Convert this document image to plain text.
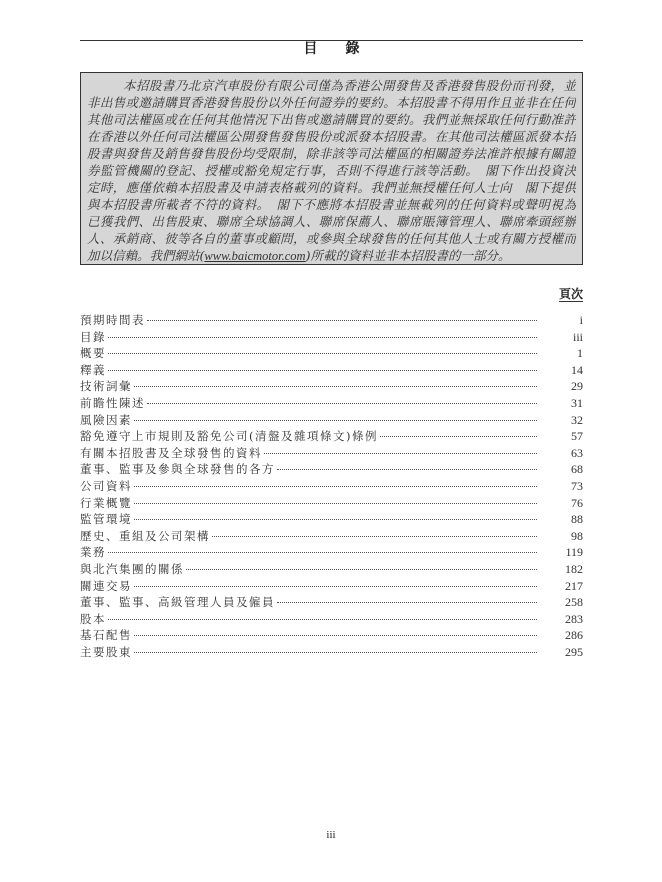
目錄
本招股書乃北京汽車股份有限公司僅為香港公開發售及香港發售股份而刊發，並
非出售或邀請購買香港發售股份以外任何證券的要約。本招股書不得用作且並非在任何
其他司法權區或在任何其他情況下出售或邀請購買的要約。我們並無採取任何行動准許
在香港以外任何司法權區公開發售發售股份或派發本招股書。在其他司法權區派發本招
股書與發售及銷售發售股份均受限制，除非該等司法權區的相關證券法准許根據有關證
券監管機關的登記、授權或豁免規定行事，否則不得進行該等活動。　閣下作出投資決
定時，應僅依賴本招股書及申請表格載列的資料。我們並無授權任何人士向　閣下提供
與本招股書所載者不符的資料。　閣下不應將本招股書並無載列的任何資料或聲明視為
已獲我們、出售股東、聯席全球協調人、聯席保薦人、聯席賬簿管理人、聯席牽頭經辦
人、承銷商、彼等各自的董事或顧問，或參與全球發售的任何其他人士或有關方授權而
加以信賴。我們網站(www.baicmotor.com)所載的資料並非本招股書的一部分。
頁次
預期時間表	i
目錄	iii
概要	1
釋義	14
技術詞彙	29
前瞻性陳述	31
風險因素	32
豁免遵守上市規則及豁免公司(清盤及雜項條文)條例	57
有關本招股書及全球發售的資料	63
董事、監事及參與全球發售的各方	68
公司資料	73
行業概覽	76
監管環境	88
歷史、重組及公司架構	98
業務	119
與北汽集團的關係	182
關連交易	217
董事、監事、高級管理人員及僱員	258
股本	283
基石配售	286
主要股東	295
iii
